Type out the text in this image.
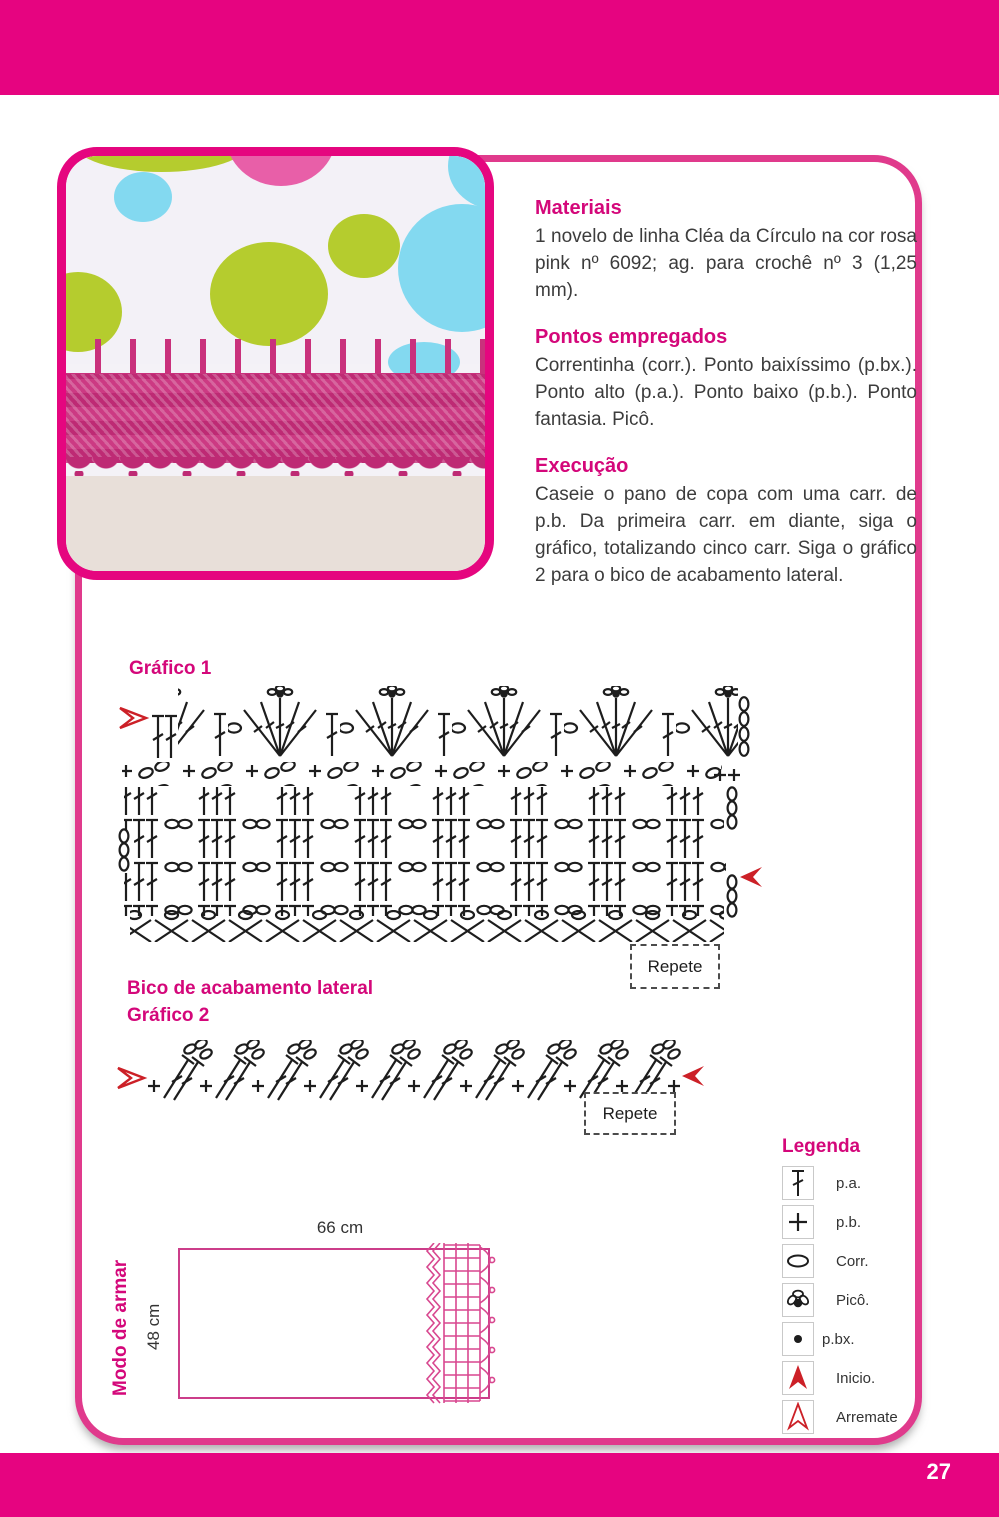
Materiais
1 novelo de linha Cléa da Círculo na cor rosa pink nº 6092; ag. para crochê nº 3 (1,25 mm).
Pontos empregados
Correntinha (corr.). Ponto baixíssimo (p.bx.). Ponto alto (p.a.). Ponto baixo (p.b.). Ponto fantasia. Picô.
Execução
Caseie o pano de copa com uma carr. de p.b. Da primeira carr. em diante, siga o gráfico, totalizando cinco carr. Siga o gráfico 2 para o bico de acabamento lateral.
Gráfico 1
Repete
Bico de acabamento lateral
Gráfico 2
Repete
Legenda
p.a.
p.b.
Corr.
Picô.
p.bx.
Inicio.
Arremate
Modo de armar
66 cm
48 cm
27
